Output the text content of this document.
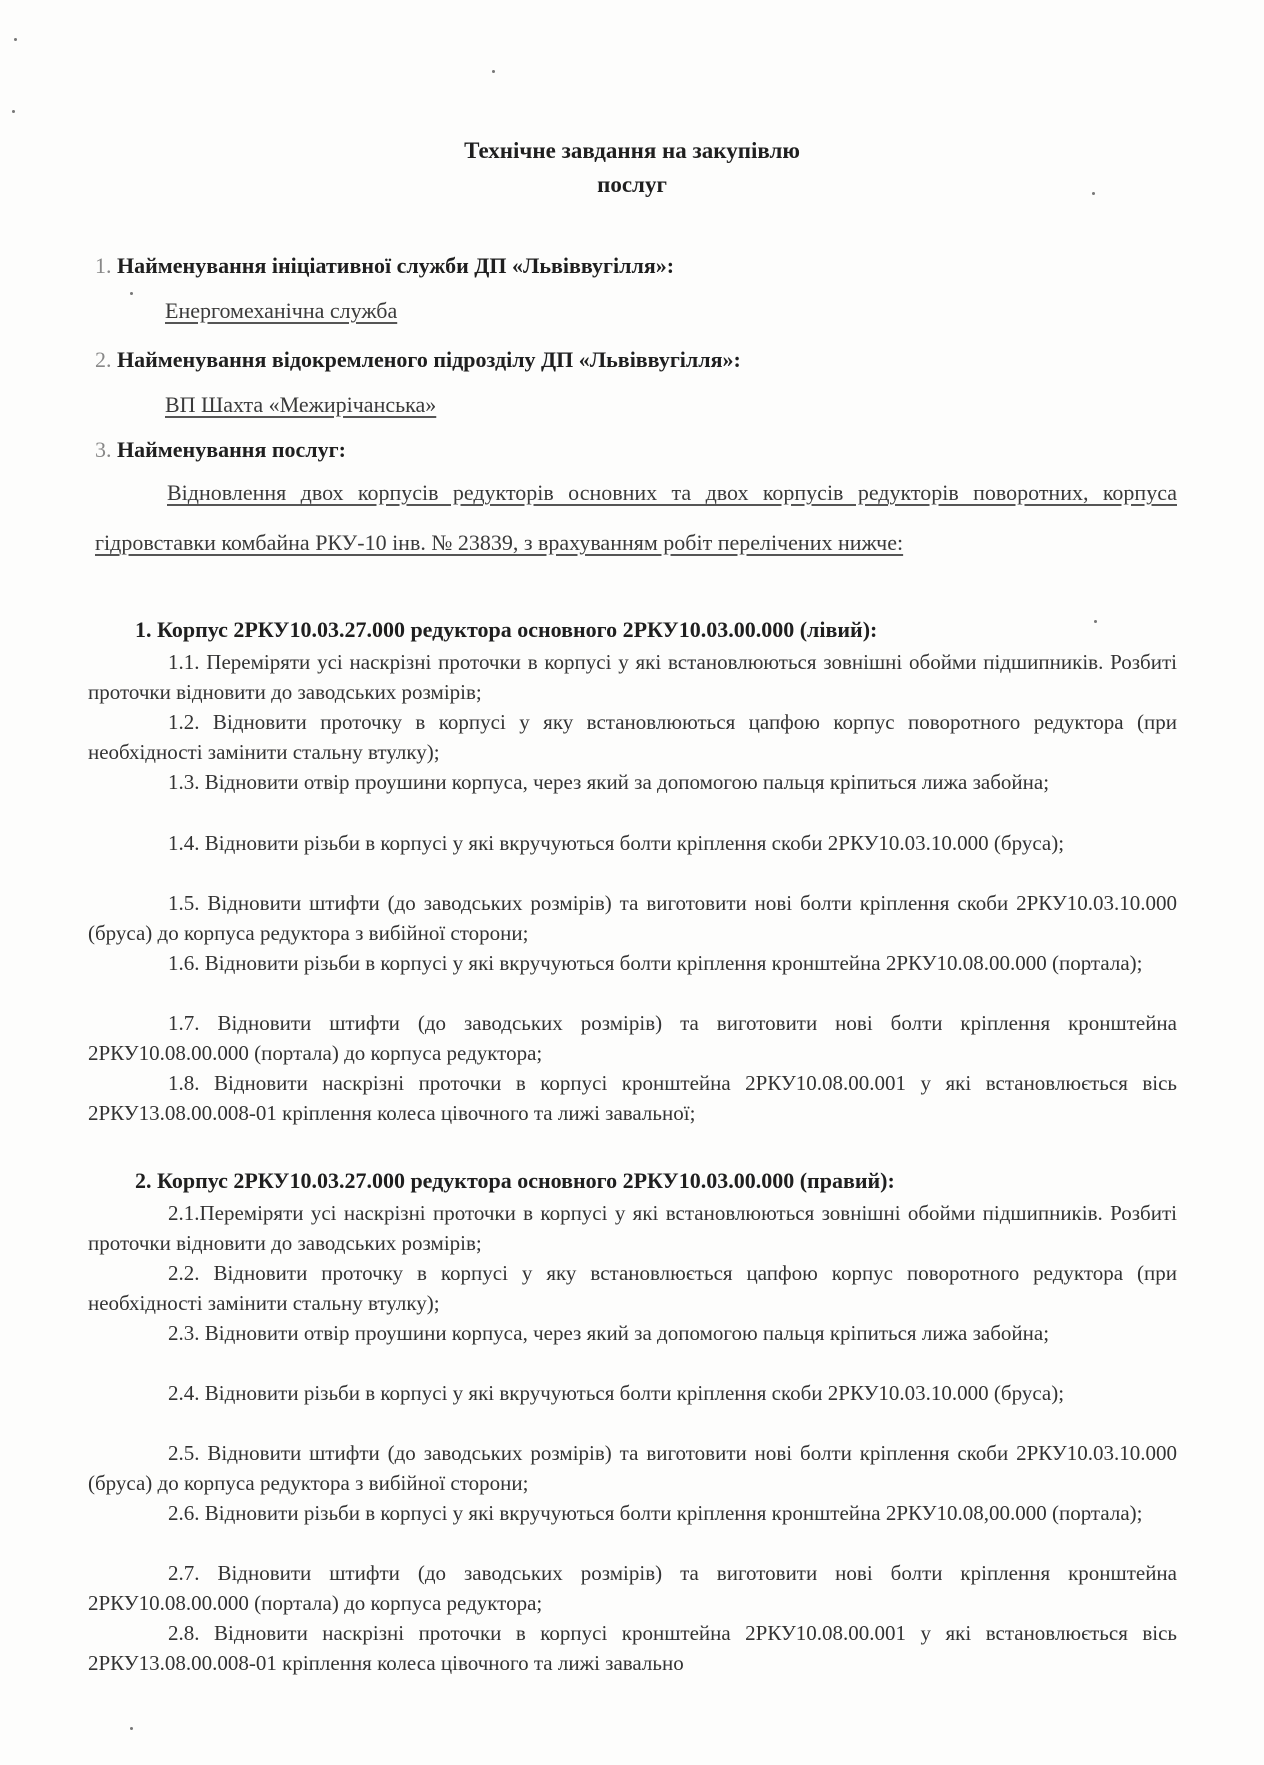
Технічне завдання на закупівлю
послуг
1. Найменування ініціативної служби ДП «Львіввугілля»:
Енергомеханічна служба
2. Найменування відокремленого підрозділу ДП «Львіввугілля»:
ВП Шахта «Межирічанська»
3. Найменування послуг:
Відновлення двох корпусів редукторів основних та двох корпусів редукторів поворотних, корпуса гідровставки комбайна РКУ-10 інв. № 23839, з врахуванням робіт перелічених нижче:
1. Корпус 2РКУ10.03.27.000 редуктора основного 2РКУ10.03.00.000 (лівий):
1.1. Переміряти усі наскрізні проточки в корпусі у які встановлюються зовнішні обойми підшипників. Розбиті проточки відновити до заводських розмірів;
1.2. Відновити проточку в корпусі у яку встановлюються цапфою корпус поворотного редуктора (при необхідності замінити стальну втулку);
1.3. Відновити отвір проушини корпуса, через який за допомогою пальця кріпиться лижа забойна;
1.4. Відновити різьби в корпусі у які вкручуються болти кріплення скоби 2РКУ10.03.10.000 (бруса);
1.5. Відновити штифти (до заводських розмірів) та виготовити нові болти кріплення скоби 2РКУ10.03.10.000 (бруса) до корпуса редуктора з вибійної сторони;
1.6. Відновити різьби в корпусі у які вкручуються болти кріплення кронштейна 2РКУ10.08.00.000 (портала);
1.7. Відновити штифти (до заводських розмірів) та виготовити нові болти кріплення кронштейна 2РКУ10.08.00.000 (портала) до корпуса редуктора;
1.8. Відновити наскрізні проточки в корпусі кронштейна 2РКУ10.08.00.001 у які встановлюється вісь 2РКУ13.08.00.008-01 кріплення колеса цівочного та лижі завальної;
2. Корпус 2РКУ10.03.27.000 редуктора основного 2РКУ10.03.00.000 (правий):
2.1.Переміряти усі наскрізні проточки в корпусі у які встановлюються зовнішні обойми підшипників. Розбиті проточки відновити до заводських розмірів;
2.2. Відновити проточку в корпусі у яку встановлюється цапфою корпус поворотного редуктора (при необхідності замінити стальну втулку);
2.3. Відновити отвір проушини корпуса, через який за допомогою пальця кріпиться лижа забойна;
2.4. Відновити різьби в корпусі у які вкручуються болти кріплення скоби 2РКУ10.03.10.000 (бруса);
2.5. Відновити штифти (до заводських розмірів) та виготовити нові болти кріплення скоби 2РКУ10.03.10.000 (бруса) до корпуса редуктора з вибійної сторони;
2.6. Відновити різьби в корпусі у які вкручуються болти кріплення кронштейна 2РКУ10.08,00.000 (портала);
2.7. Відновити штифти (до заводських розмірів) та виготовити нові болти кріплення кронштейна 2РКУ10.08.00.000 (портала) до корпуса редуктора;
2.8. Відновити наскрізні проточки в корпусі кронштейна 2РКУ10.08.00.001 у які встановлюється вісь 2РКУ13.08.00.008-01 кріплення колеса цівочного та лижі завально
